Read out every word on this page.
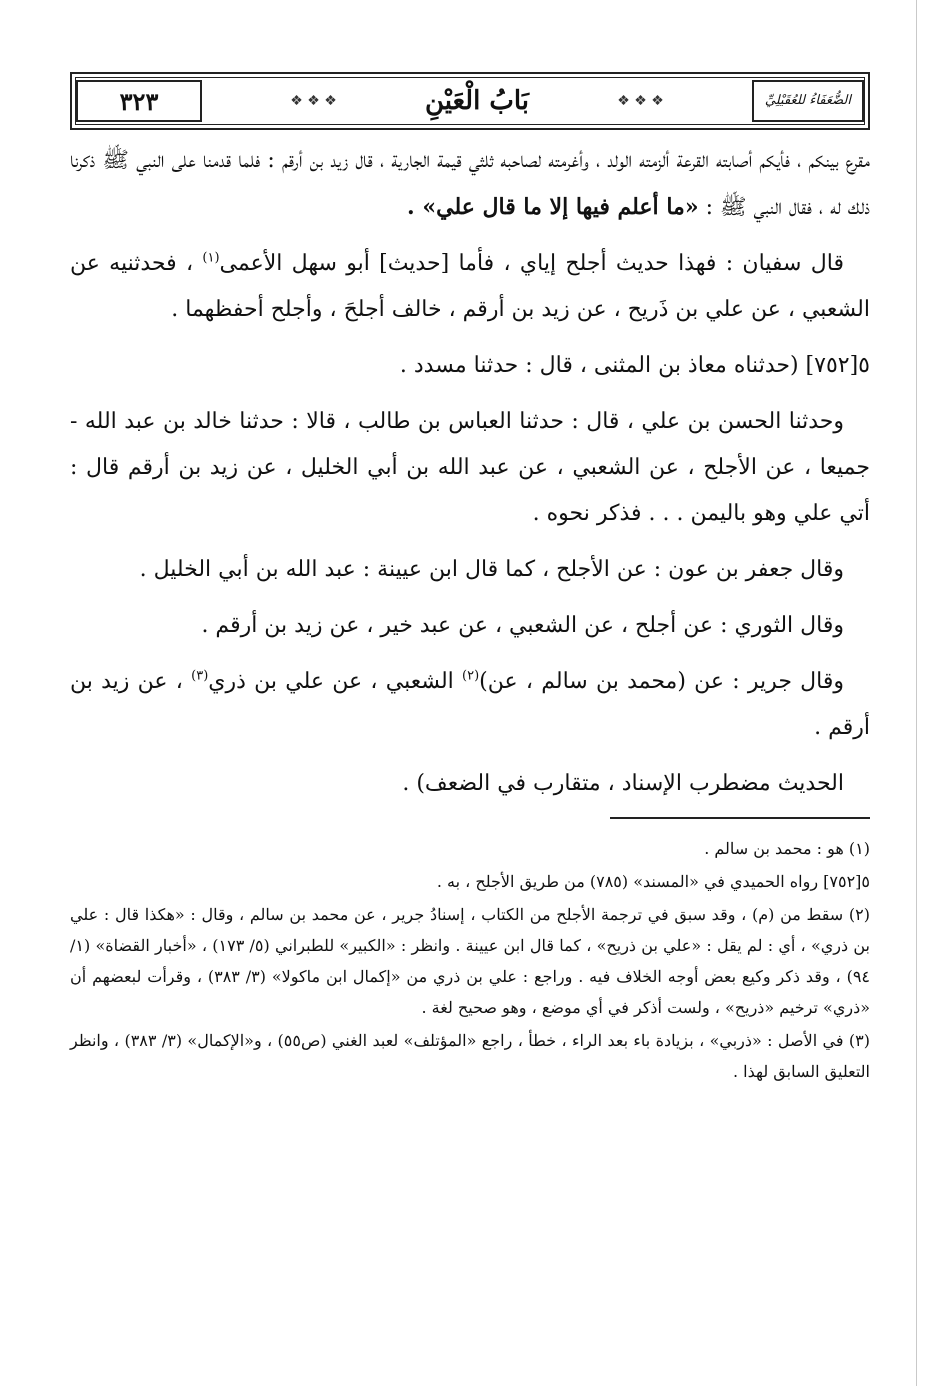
٣٢٣	❖ ❖ ❖	بَابُ الْعَيْنِ	❖ ❖ ❖	الضُّعَفَاءُ للعُقَيْلِيِّ

مقرع بينكم ، فأيكم أصابته القرعة ألزمته الولد ، وأغرمته لصاحبه ثلثي قيمة الجارية ، قال زيد بن أرقم : فلما قدمنا على النبي ﷺ ذكرنا ذلك له ، فقال النبي ﷺ : «ما أعلم فيها إلا ما قال علي» .

قال سفيان : فهذا حديث أجلح إياي ، فأما [حديث] أبو سهل الأعمى$^{(١)}$ ، فحدثنيه عن الشعبي ، عن علي بن ذَريح ، عن زيد بن أرقم ، خالف أجلحَ ، وأجلح أحفظهما .

٥[٧٥٢] (حدثناه معاذ بن المثنى ، قال : حدثنا مسدد .

وحدثنا الحسن بن علي ، قال : حدثنا العباس بن طالب ، قالا : حدثنا خالد بن عبد الله - جميعا ، عن الأجلح ، عن الشعبي ، عن عبد الله بن أبي الخليل ، عن زيد بن أرقم قال : أتي علي وهو باليمن . . . فذكر نحوه .

وقال جعفر بن عون : عن الأجلح ، كما قال ابن عيينة : عبد الله بن أبي الخليل .

وقال الثوري : عن أجلح ، عن الشعبي ، عن عبد خير ، عن زيد بن أرقم .

وقال جرير : عن (محمد بن سالم ، عن)$^{(٢)}$ الشعبي ، عن علي بن ذري$^{(٣)}$ ، عن زيد بن أرقم .

الحديث مضطرب الإسناد ، متقارب في الضعف) .

(١) هو : محمد بن سالم .

٥[٧٥٢] رواه الحميدي في «المسند» (٧٨٥) من طريق الأجلح ، به .

(٢) سقط من (م) ، وقد سبق في ترجمة الأجلح من الكتاب ، إسنادُ جرير ، عن محمد بن سالم ، وقال : «هكذا قال : علي بن ذري» ، أي : لم يقل : «علي بن ذريح» ، كما قال ابن عيينة . وانظر : «الكبير» للطبراني (٥/ ١٧٣) ، «أخبار القضاة» (١/ ٩٤) ، وقد ذكر وكيع بعض أوجه الخلاف فيه . وراجع : علي بن ذري من «إكمال ابن ماكولا» (٣/ ٣٨٣) ، وقرأت لبعضهم أن «ذري» ترخيم «ذريح» ، ولست أذكر في أي موضع ، وهو صحيح لغة .

(٣) في الأصل : «ذربي» ، بزيادة باء بعد الراء ، خطأ ، راجع «المؤتلف» لعبد الغني (ص٥٥) ، و«الإكمال» (٣/ ٣٨٣) ، وانظر التعليق السابق لهذا .
